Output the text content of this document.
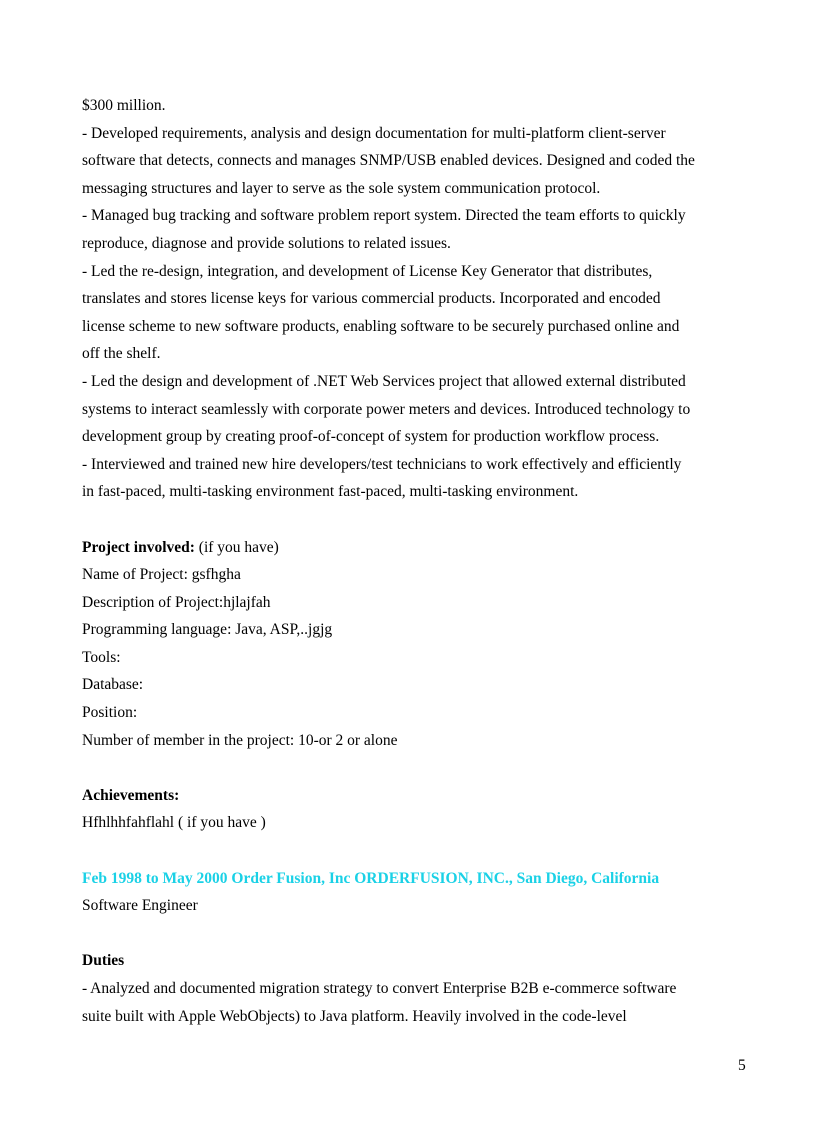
$300 million.
- Developed requirements, analysis and design documentation for multi-platform client-server
software that detects, connects and manages SNMP/USB enabled devices. Designed and coded the
messaging structures and layer to serve as the sole system communication protocol.
- Managed bug tracking and software problem report system. Directed the team efforts to quickly
reproduce, diagnose and provide solutions to related issues.
- Led the re-design, integration, and development of License Key Generator that distributes,
translates and stores license keys for various commercial products. Incorporated and encoded
license scheme to new software products, enabling software to be securely purchased online and
off the shelf.
- Led the design and development of .NET Web Services project that allowed external distributed
systems to interact seamlessly with corporate power meters and devices. Introduced technology to
development group by creating proof-of-concept of system for production workflow process.
- Interviewed and trained new hire developers/test technicians to work effectively and efficiently
in fast-paced, multi-tasking environment fast-paced, multi-tasking environment.
Project involved: (if you have)
Name of Project: gsfhgha
Description of Project:hjlajfah
Programming language: Java, ASP,..jgjg
Tools:
Database:
Position:
Number of member in the project: 10-or 2 or alone
Achievements:
Hfhlhhfahflahl ( if you have )
Feb 1998 to May 2000 Order Fusion, Inc ORDERFUSION, INC., San Diego, California
Software Engineer
Duties
- Analyzed and documented migration strategy to convert Enterprise B2B e-commerce software
suite built with Apple WebObjects) to Java platform. Heavily involved in the code-level
5
